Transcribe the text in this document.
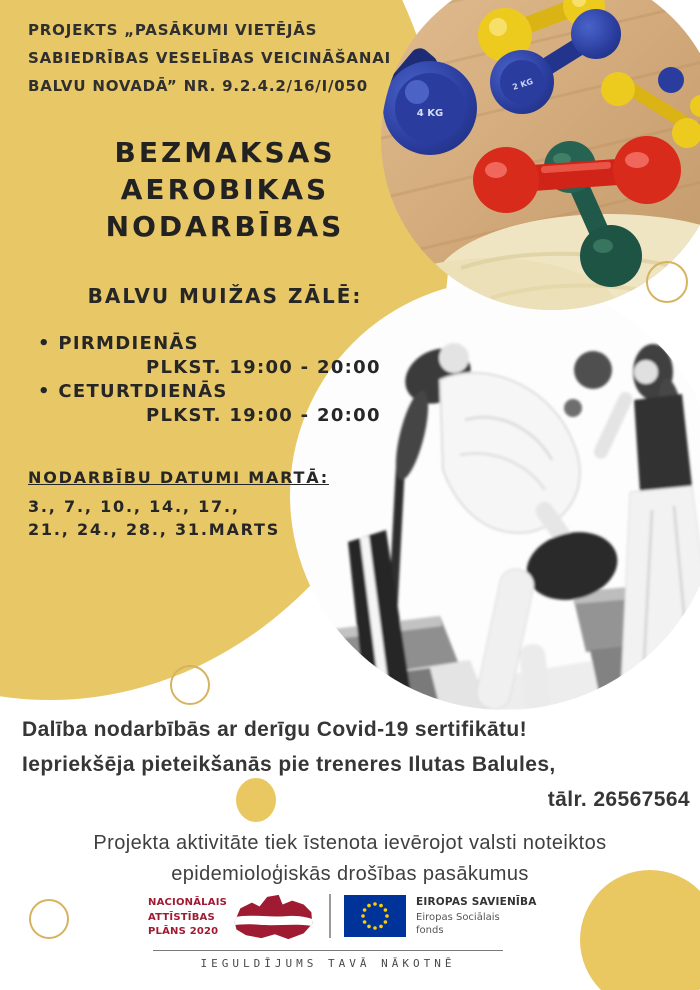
2 KG
4 KG
PROJEKTS „PASĀKUMI VIETĒJĀS
SABIEDRĪBAS VESELĪBAS VEICINĀŠANAI
BALVU NOVADĀ” NR. 9.2.4.2/16/I/050
BEZMAKSAS
AEROBIKAS
NODARBĪBAS
BALVU MUIŽAS ZĀLĒ:
• PIRMDIENĀS
PLKST. 19:00 - 20:00
• CETURTDIENĀS
PLKST. 19:00 - 20:00
NODARBĪBU DATUMI MARTĀ:
3., 7., 10., 14., 17.,
21., 24., 28., 31.MARTS
Dalība nodarbībās ar derīgu Covid-19 sertifikātu!
Iepriekšēja pieteikšanās pie treneres Ilutas Balules,
tālr. 26567564
Projekta aktivitāte tiek īstenota ievērojot valsti noteiktos
epidemioloģiskās drošības pasākumus
NACIONĀLAIS
ATTĪSTĪBAS
PLĀNS 2020
EIROPAS SAVIENĪBA
Eiropas Sociālais
fonds
IEGULDĪJUMS TAVĀ NĀKOTNĒ
